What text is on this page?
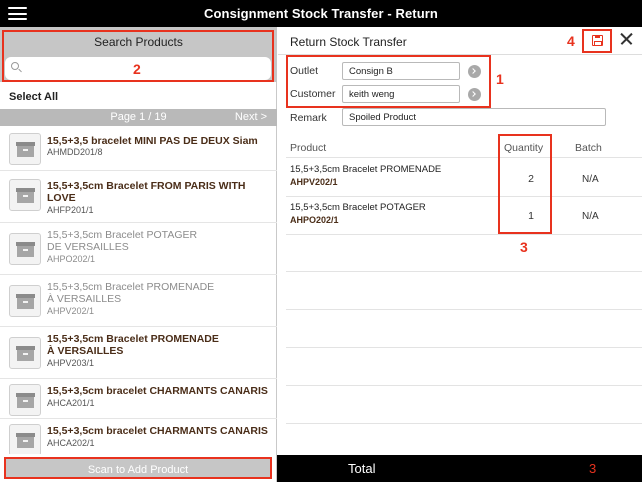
Consignment Stock Transfer - Return
Search Products
2
Select All
Page 1 / 19	Next >
15,5+3,5 bracelet MINI PAS DE DEUX Siam
AHMDD201/8
15,5+3,5cm Bracelet FROM PARIS WITH LOVE
AHFP201/1
15,5+3,5cm Bracelet POTAGER
DE VERSAILLES
AHPO202/1
15,5+3,5cm Bracelet PROMENADE
À VERSAILLES
AHPV202/1
15,5+3,5cm Bracelet PROMENADE
À VERSAILLES
AHPV203/1
15,5+3,5cm bracelet CHARMANTS CANARIS
AHCA201/1
15,5+3,5cm bracelet CHARMANTS CANARIS
AHCA202/1
Scan to Add Product
Return Stock Transfer	4
1
Outlet	Consign B
Customer	keith weng
Remark	Spoiled Product
Product	Quantity	Batch
15,5+3,5cm Bracelet PROMENADE
AHPV202/1	2	N/A
15,5+3,5cm Bracelet POTAGER
AHPO202/1	1	N/A
3
Total	3
